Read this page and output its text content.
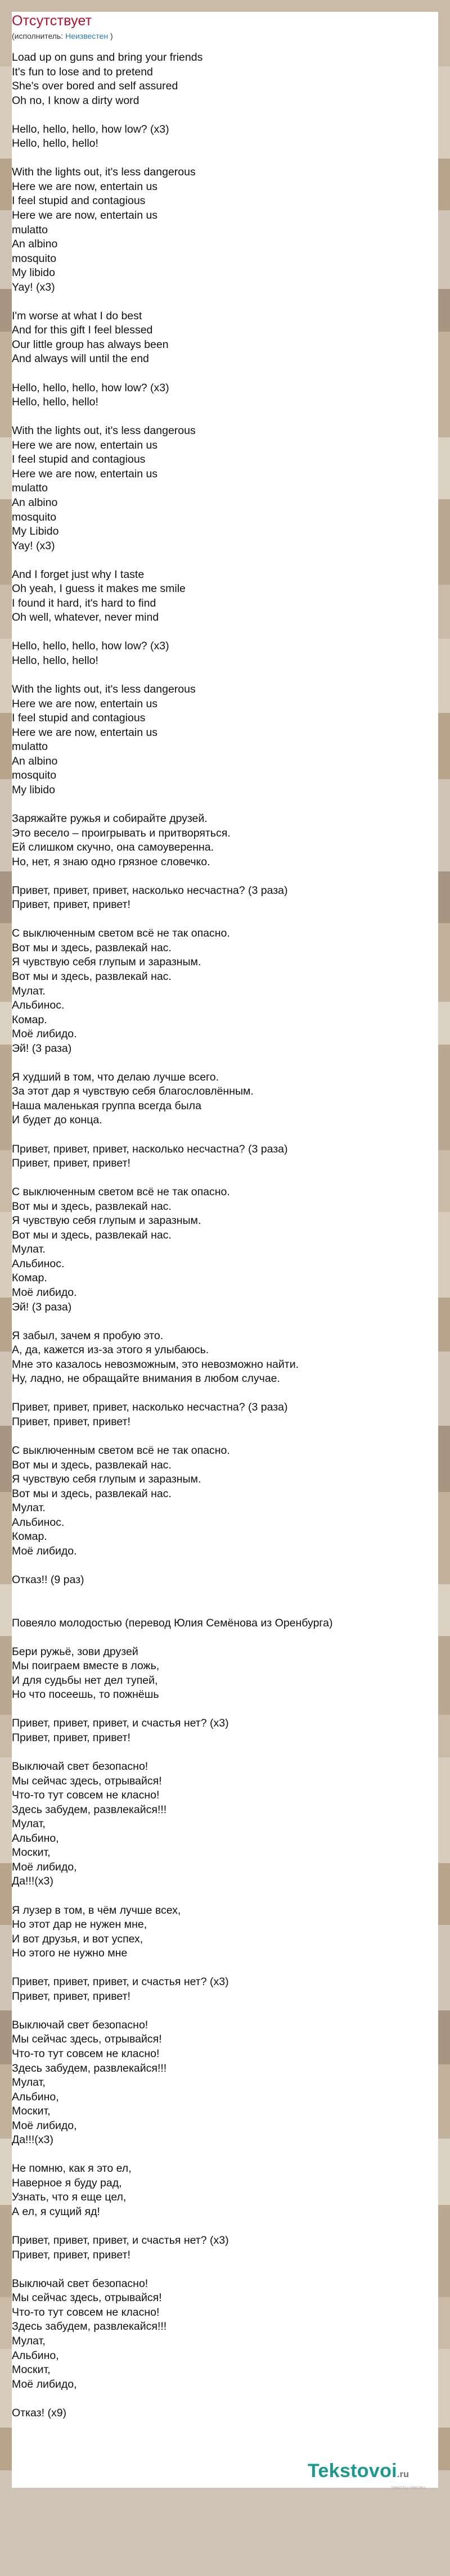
Отсутствует
(исполнитель: Неизвестен )
Load up on guns and bring your friends
It's fun to lose and to pretend
She's over bored and self assured
Oh no, I know a dirty word
Hello, hello, hello, how low? (x3)
Hello, hello, hello!
With the lights out, it's less dangerous
Here we are now, entertain us
I feel stupid and contagious
Here we are now, entertain us
mulatto
An albino
mosquito
My libido
Yay! (x3)
I'm worse at what I do best
And for this gift I feel blessed
Our little group has always been
And always will until the end
Hello, hello, hello, how low? (x3)
Hello, hello, hello!
With the lights out, it's less dangerous
Here we are now, entertain us
I feel stupid and contagious
Here we are now, entertain us
mulatto
An albino
mosquito
My Libido
Yay! (x3)
And I forget just why I taste
Oh yeah, I guess it makes me smile
I found it hard, it's hard to find
Oh well, whatever, never mind
Hello, hello, hello, how low? (x3)
Hello, hello, hello!
With the lights out, it's less dangerous
Here we are now, entertain us
I feel stupid and contagious
Here we are now, entertain us
mulatto
An albino
mosquito
My libido
Заряжайте ружья и собирайте друзей.
Это весело – проигрывать и притворяться.
Ей слишком скучно, она самоуверенна.
Но, нет, я знаю одно грязное словечко.
Привет, привет, привет, насколько несчастна? (3 раза)
Привет, привет, привет!
С выключенным светом всё не так опасно.
Вот мы и здесь, развлекай нас.
Я чувствую себя глупым и заразным.
Вот мы и здесь, развлекай нас.
Мулат.
Альбинос.
Комар.
Моё либидо.
Эй! (3 раза)
Я худший в том, что делаю лучше всего.
За этот дар я чувствую себя благословлённым.
Наша маленькая группа всегда была
И будет до конца.
Привет, привет, привет, насколько несчастна? (3 раза)
Привет, привет, привет!
С выключенным светом всё не так опасно.
Вот мы и здесь, развлекай нас.
Я чувствую себя глупым и заразным.
Вот мы и здесь, развлекай нас.
Мулат.
Альбинос.
Комар.
Моё либидо.
Эй! (3 раза)
Я забыл, зачем я пробую это.
А, да, кажется из-за этого я улыбаюсь.
Мне это казалось невозможным, это невозможно найти.
Ну, ладно, не обращайте внимания в любом случае.
Привет, привет, привет, насколько несчастна? (3 раза)
Привет, привет, привет!
С выключенным светом всё не так опасно.
Вот мы и здесь, развлекай нас.
Я чувствую себя глупым и заразным.
Вот мы и здесь, развлекай нас.
Мулат.
Альбинос.
Комар.
Моё либидо.
Отказ!! (9 раз)
Повеяло молодостью (перевод Юлия Семёнова из Оренбурга)
Бери ружьё, зови друзей
Мы поиграем вместе в ложь,
И для судьбы нет дел тупей,
Но что посеешь, то пожнёшь
Привет, привет, привет, и счастья нет? (х3)
Привет, привет, привет!
Выключай свет безопасно!
Мы сейчас здесь, отрывайся!
Что-то тут совсем не класно!
Здесь забудем, развлекайся!!!
Мулат,
Альбино,
Москит,
Моё либидо,
Да!!!(х3)
Я лузер в том, в чём лучше всех,
Но этот дар не нужен мне,
И вот друзья, и вот успех,
Но этого не нужно мне
Привет, привет, привет, и счастья нет? (х3)
Привет, привет, привет!
Выключай свет безопасно!
Мы сейчас здесь, отрывайся!
Что-то тут совсем не класно!
Здесь забудем, развлекайся!!!
Мулат,
Альбино,
Москит,
Моё либидо,
Да!!!(х3)
Не помню, как я это ел,
Наверное я буду рад,
Узнать, что я еще цел,
А ел, я сущий яд!
Привет, привет, привет, и счастья нет? (х3)
Привет, привет, привет!
Выключай свет безопасно!
Мы сейчас здесь, отрывайся!
Что-то тут совсем не класно!
Здесь забудем, развлекайся!!!
Мулат,
Альбино,
Москит,
Моё либидо,
Отказ! (х9)
Tekstovoi.ru
тексты песен
